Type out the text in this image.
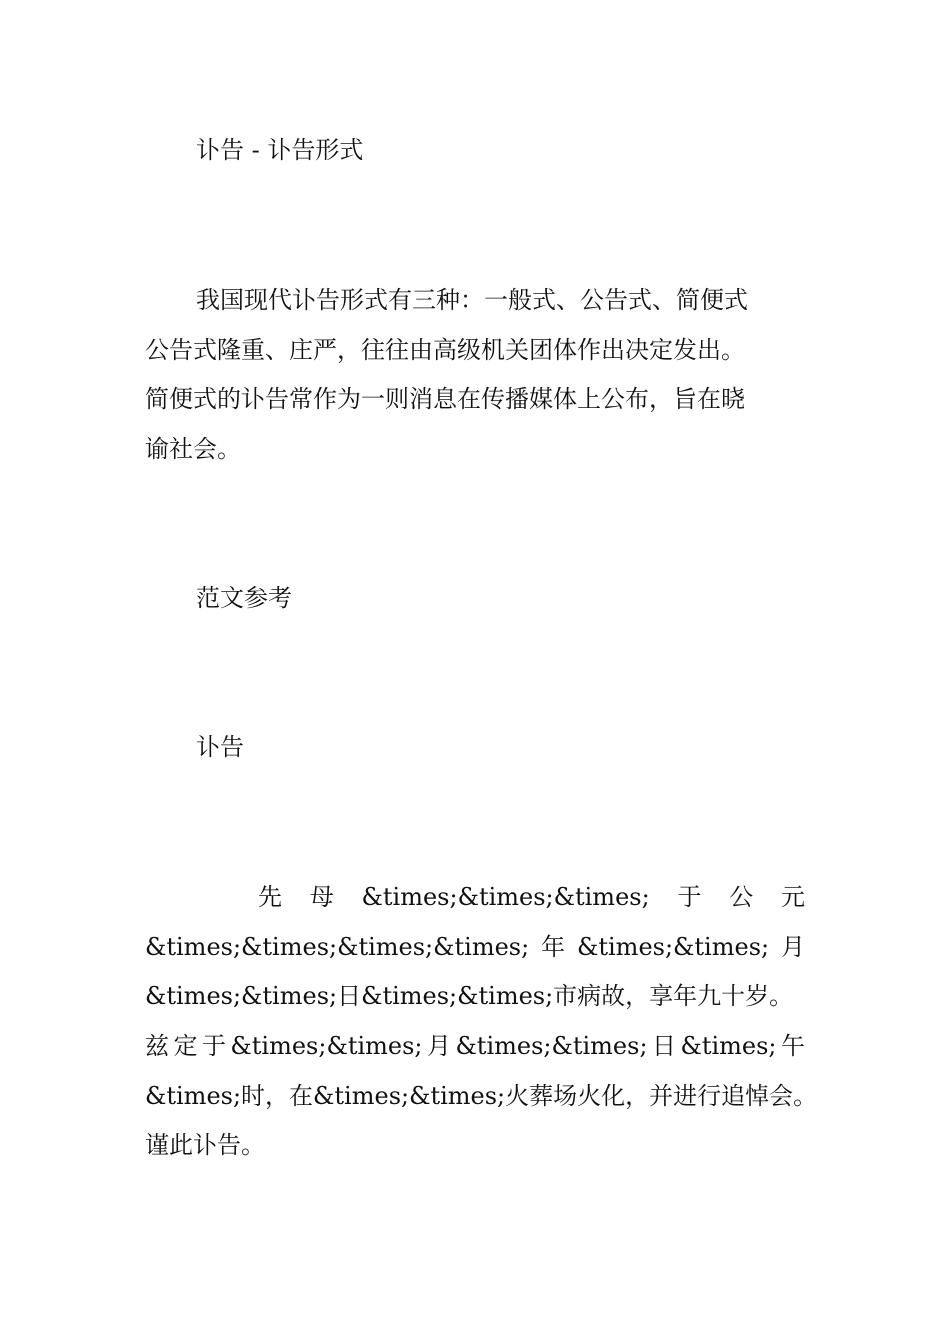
讣告 - 讣告形式
我国现代讣告形式有三种：一般式、公告式、简便式
公告式隆重、庄严，往往由高级机关团体作出决定发出。
简便式的讣告常作为一则消息在传播媒体上公布，旨在晓
谕社会。
范文参考
讣告
先 母 &times;&times;&times; 于 公 元
&times;&times;&times;&times; 年 &times;&times; 月
&times;&times;日&times;&times;市病故，享年九十岁。
兹 定 于 &times;&times; 月 &times;&times; 日 &times; 午
&times;时，在&times;&times;火葬场火化，并进行追悼会。
谨此讣告。
